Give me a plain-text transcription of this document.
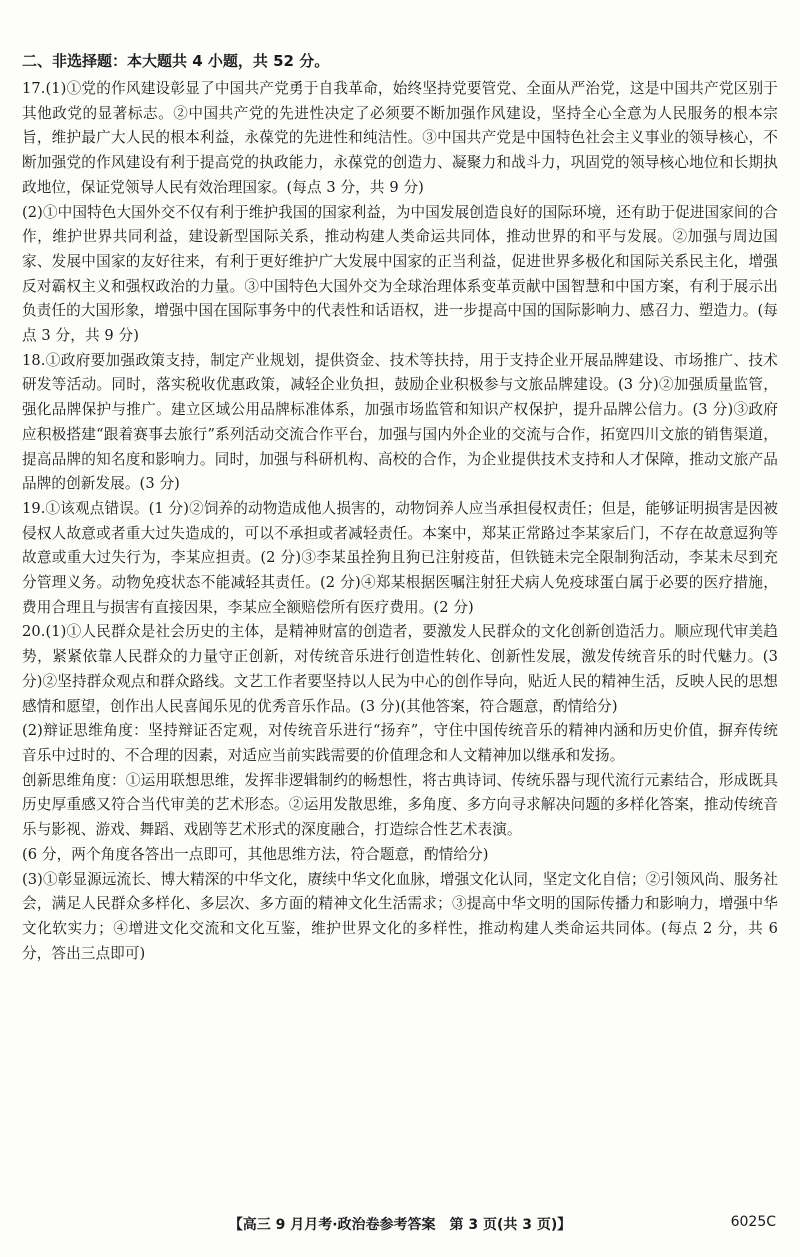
二、非选择题：本大题共 4 小题，共 52 分。

17.(1)①党的作风建设彰显了中国共产党勇于自我革命，始终坚持党要管党、全面从严治党，这是中国共产党区别于其他政党的显著标志。②中国共产党的先进性决定了必须要不断加强作风建设，坚持全心全意为人民服务的根本宗旨，维护最广大人民的根本利益，永葆党的先进性和纯洁性。③中国共产党是中国特色社会主义事业的领导核心，不断加强党的作风建设有利于提高党的执政能力，永葆党的创造力、凝聚力和战斗力，巩固党的领导核心地位和长期执政地位，保证党领导人民有效治理国家。(每点 3 分，共 9 分)

(2)①中国特色大国外交不仅有利于维护我国的国家利益，为中国发展创造良好的国际环境，还有助于促进国家间的合作，维护世界共同利益，建设新型国际关系，推动构建人类命运共同体，推动世界的和平与发展。②加强与周边国家、发展中国家的友好往来，有利于更好维护广大发展中国家的正当利益，促进世界多极化和国际关系民主化，增强反对霸权主义和强权政治的力量。③中国特色大国外交为全球治理体系变革贡献中国智慧和中国方案，有利于展示出负责任的大国形象，增强中国在国际事务中的代表性和话语权，进一步提高中国的国际影响力、感召力、塑造力。(每点 3 分，共 9 分)

18.①政府要加强政策支持，制定产业规划，提供资金、技术等扶持，用于支持企业开展品牌建设、市场推广、技术研发等活动。同时，落实税收优惠政策，减轻企业负担，鼓励企业积极参与文旅品牌建设。(3 分)②加强质量监管，强化品牌保护与推广。建立区域公用品牌标准体系，加强市场监管和知识产权保护，提升品牌公信力。(3 分)③政府应积极搭建“跟着赛事去旅行”系列活动交流合作平台，加强与国内外企业的交流与合作，拓宽四川文旅的销售渠道，提高品牌的知名度和影响力。同时，加强与科研机构、高校的合作，为企业提供技术支持和人才保障，推动文旅产品品牌的创新发展。(3 分)

19.①该观点错误。(1 分)②饲养的动物造成他人损害的，动物饲养人应当承担侵权责任；但是，能够证明损害是因被侵权人故意或者重大过失造成的，可以不承担或者减轻责任。本案中，郑某正常路过李某家后门，不存在故意逗狗等故意或重大过失行为，李某应担责。(2 分)③李某虽拴狗且狗已注射疫苗，但铁链未完全限制狗活动，李某未尽到充分管理义务。动物免疫状态不能减轻其责任。(2 分)④郑某根据医嘱注射狂犬病人免疫球蛋白属于必要的医疗措施，费用合理且与损害有直接因果，李某应全额赔偿所有医疗费用。(2 分)

20.(1)①人民群众是社会历史的主体，是精神财富的创造者，要激发人民群众的文化创新创造活力。顺应现代审美趋势，紧紧依靠人民群众的力量守正创新，对传统音乐进行创造性转化、创新性发展，激发传统音乐的时代魅力。(3 分)②坚持群众观点和群众路线。文艺工作者要坚持以人民为中心的创作导向，贴近人民的精神生活，反映人民的思想感情和愿望，创作出人民喜闻乐见的优秀音乐作品。(3 分)(其他答案，符合题意，酌情给分)

(2)辩证思维角度：坚持辩证否定观，对传统音乐进行“扬弃”，守住中国传统音乐的精神内涵和历史价值，摒弃传统音乐中过时的、不合理的因素，对适应当前实践需要的价值理念和人文精神加以继承和发扬。

创新思维角度：①运用联想思维，发挥非逻辑制约的畅想性，将古典诗词、传统乐器与现代流行元素结合，形成既具历史厚重感又符合当代审美的艺术形态。②运用发散思维，多角度、多方向寻求解决问题的多样化答案，推动传统音乐与影视、游戏、舞蹈、戏剧等艺术形式的深度融合，打造综合性艺术表演。

(6 分，两个角度各答出一点即可，其他思维方法，符合题意，酌情给分)

(3)①彰显源远流长、博大精深的中华文化，赓续中华文化血脉，增强文化认同，坚定文化自信；②引领风尚、服务社会，满足人民群众多样化、多层次、多方面的精神文化生活需求；③提高中华文明的国际传播力和影响力，增强中华文化软实力；④增进文化交流和文化互鉴，维护世界文化的多样性，推动构建人类命运共同体。(每点 2 分，共 6 分，答出三点即可)

【高三 9 月月考·政治卷参考答案　第 3 页(共 3 页)】	6025C
